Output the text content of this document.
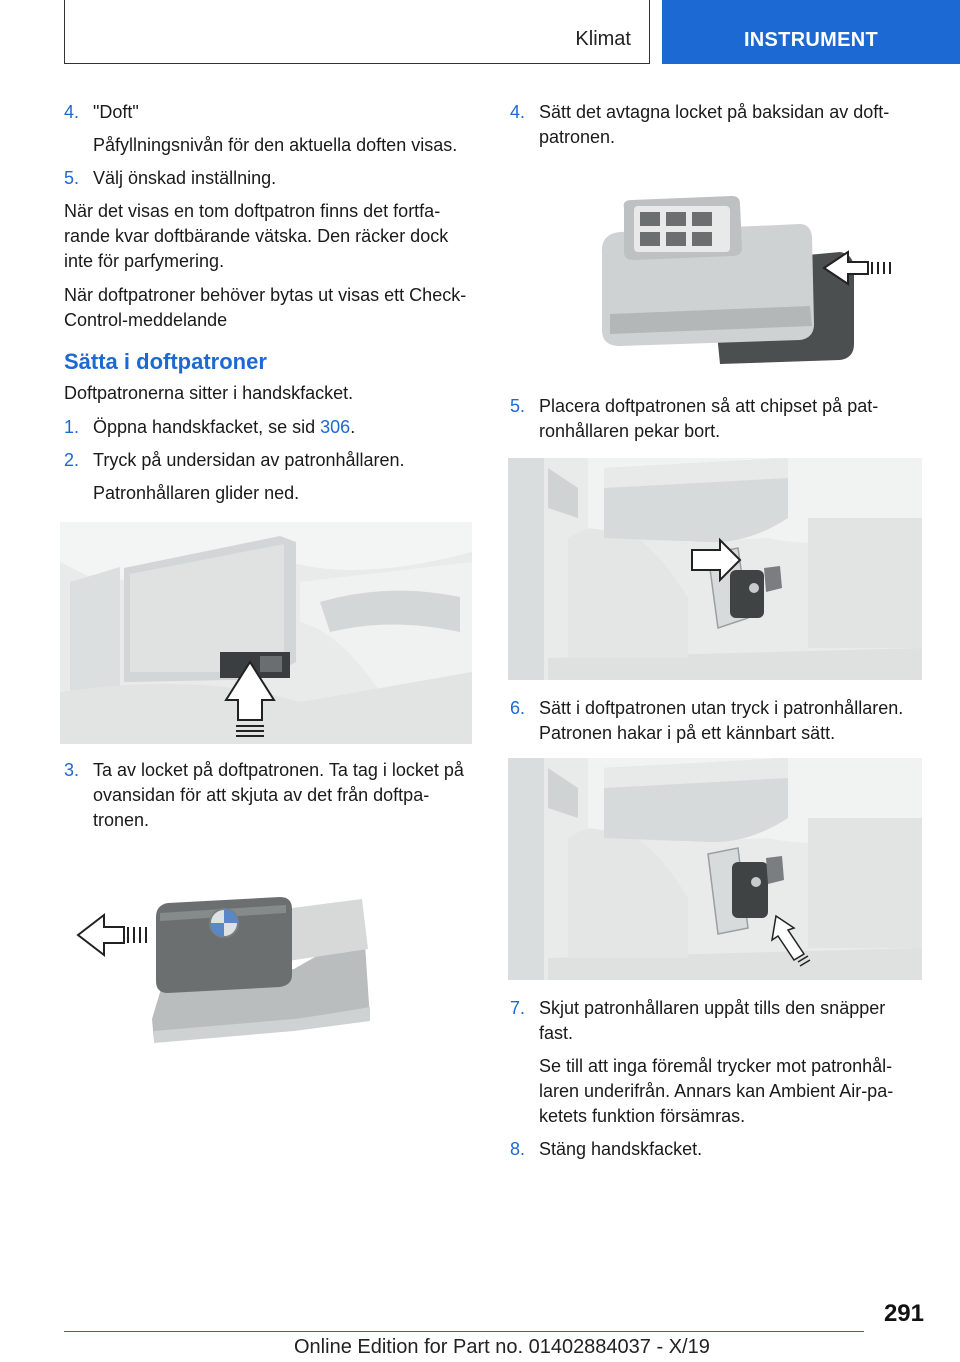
Klimat	INSTRUMENT
4. "Doft"
Påfyllningsnivån för den aktuella doften visas.
5. Välj önskad inställning.

När det visas en tom doftpatron finns det fortfa-rande kvar doftbärande vätska. Den räcker dock inte för parfymering.

När doftpatroner behöver bytas ut visas ett Check-Control-meddelande

Sätta i doftpatroner

Doftpatronerna sitter i handskfacket.

1. Öppna handskfacket, se sid 306.
2. Tryck på undersidan av patronhållaren.
Patronhållaren glider ned.
3. Ta av locket på doftpatronen. Ta tag i locket på ovansidan för att skjuta av det från doftpa-tronen.
4. Sätt det avtagna locket på baksidan av doft-patronen.
5. Placera doftpatronen så att chipset på pat-ronhållaren pekar bort.
6. Sätt i doftpatronen utan tryck i patronhållaren. Patronen hakar i på ett kännbart sätt.
7. Skjut patronhållaren uppåt tills den snäpper fast.
Se till att inga föremål trycker mot patronhål-laren underifrån. Annars kan Ambient Air-pa-ketets funktion försämras.
8. Stäng handskfacket.
291
Online Edition for Part no. 01402884037 - X/19
